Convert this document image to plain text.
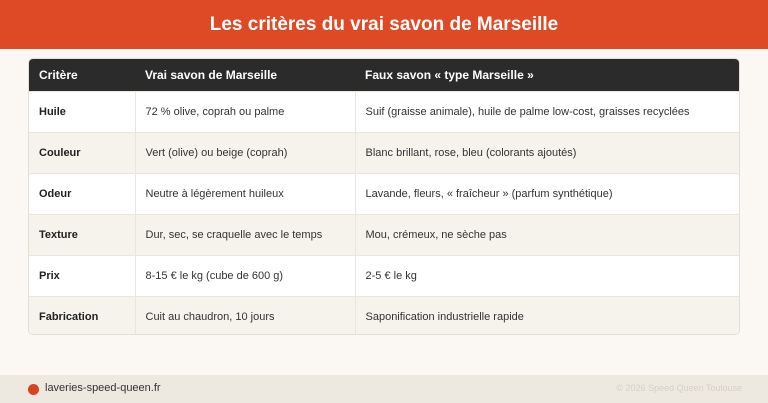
Les critères du vrai savon de Marseille
Critère	Vrai savon de Marseille	Faux savon « type Marseille »
Huile	72 % olive, coprah ou palme	Suif (graisse animale), huile de palme low-cost, graisses recyclées
Couleur	Vert (olive) ou beige (coprah)	Blanc brillant, rose, bleu (colorants ajoutés)
Odeur	Neutre à légèrement huileux	Lavande, fleurs, « fraîcheur » (parfum synthétique)
Texture	Dur, sec, se craquelle avec le temps	Mou, crémeux, ne sèche pas
Prix	8-15 € le kg (cube de 600 g)	2-5 € le kg
Fabrication	Cuit au chaudron, 10 jours	Saponification industrielle rapide
laveries-speed-queen.fr	© 2026 Speed Queen Toulouse
